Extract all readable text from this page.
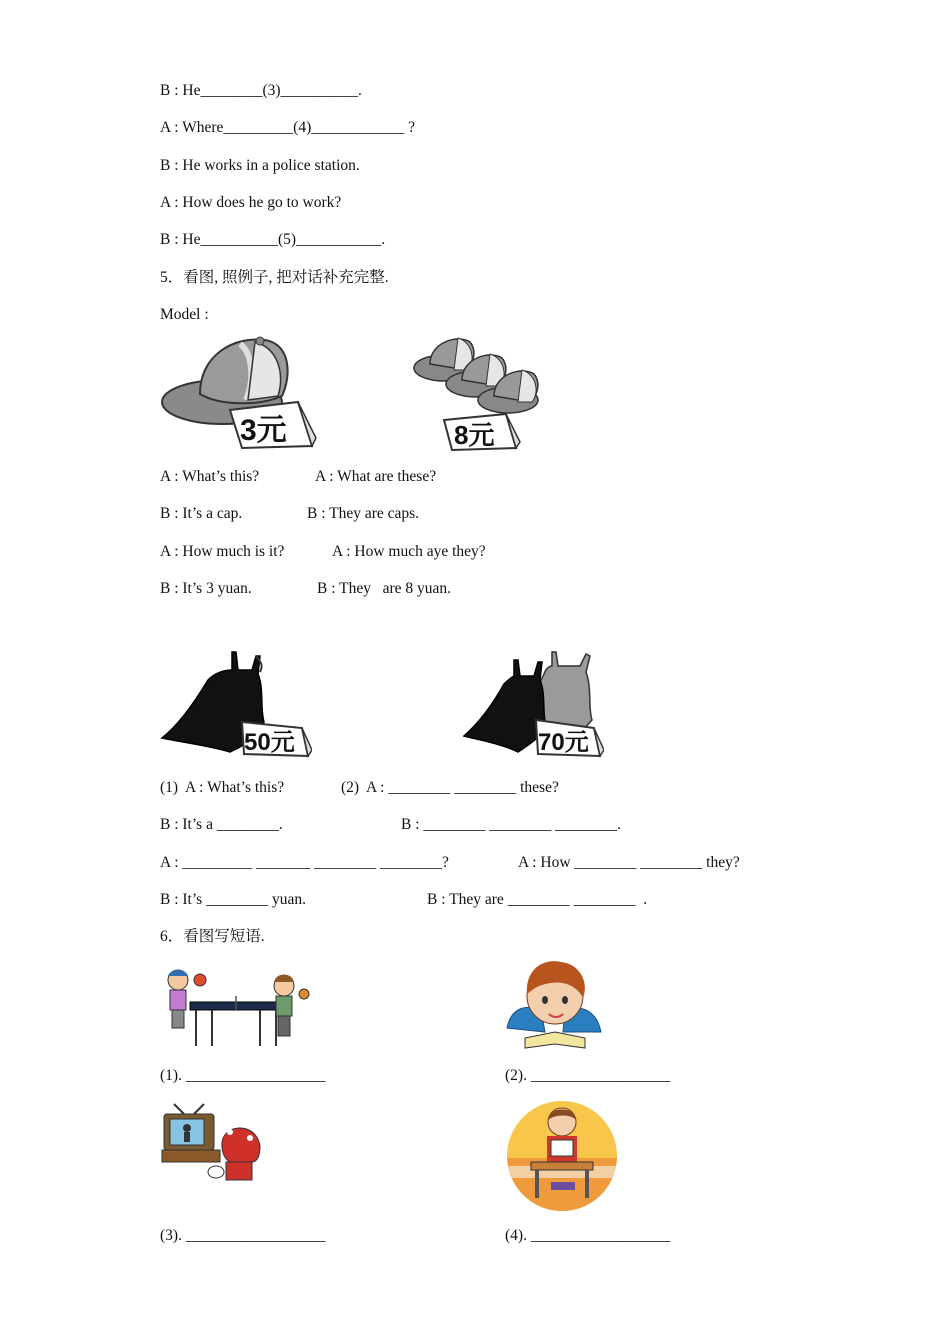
B : He________(3)__________.
A : Where_________(4)____________ ?
B : He works in a police station.
A : How does he go to work?
B : He__________(5)___________.
5．看图, 照例子, 把对话补充完整.
Model :
3元	8元
A : What’s this?
B : It’s a cap.
A : How much is it?
B : It’s 3 yuan.
A : What are these?
B : They are caps.
A : How much aye they?
B : They   are 8 yuan.
50元	70元
(1)  A : What’s this?
B : It’s a ________.
A : _________ _______ ________ ________?
B : It’s ________ yuan.
(2)  A : ________ ________ these?
B : ________ ________ ________.
A : How ________ ________ they?
B : They are ________ ________  .
6．看图写短语.
(1). __________________	(2). __________________
(3). __________________	(4). __________________
